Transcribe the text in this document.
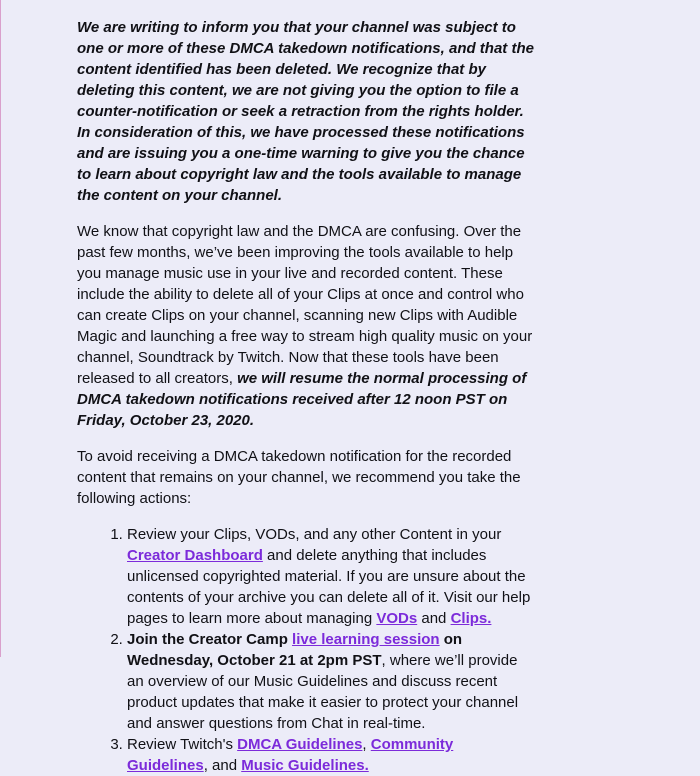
We are writing to inform you that your channel was subject to one or more of these DMCA takedown notifications, and that the content identified has been deleted. We recognize that by deleting this content, we are not giving you the option to file a counter-notification or seek a retraction from the rights holder. In consideration of this, we have processed these notifications and are issuing you a one-time warning to give you the chance to learn about copyright law and the tools available to manage the content on your channel.

We know that copyright law and the DMCA are confusing. Over the past few months, we’ve been improving the tools available to help you manage music use in your live and recorded content. These include the ability to delete all of your Clips at once and control who can create Clips on your channel, scanning new Clips with Audible Magic and launching a free way to stream high quality music on your channel, Soundtrack by Twitch. Now that these tools have been released to all creators, we will resume the normal processing of DMCA takedown notifications received after 12 noon PST on Friday, October 23, 2020.

To avoid receiving a DMCA takedown notification for the recorded content that remains on your channel, we recommend you take the following actions:

1. Review your Clips, VODs, and any other Content in your Creator Dashboard and delete anything that includes unlicensed copyrighted material. If you are unsure about the contents of your archive you can delete all of it. Visit our help pages to learn more about managing VODs and Clips.
2. Join the Creator Camp live learning session on Wednesday, October 21 at 2pm PST, where we’ll provide an overview of our Music Guidelines and discuss recent product updates that make it easier to protect your channel and answer questions from Chat in real-time.
3. Review Twitch's DMCA Guidelines, Community Guidelines, and Music Guidelines.
